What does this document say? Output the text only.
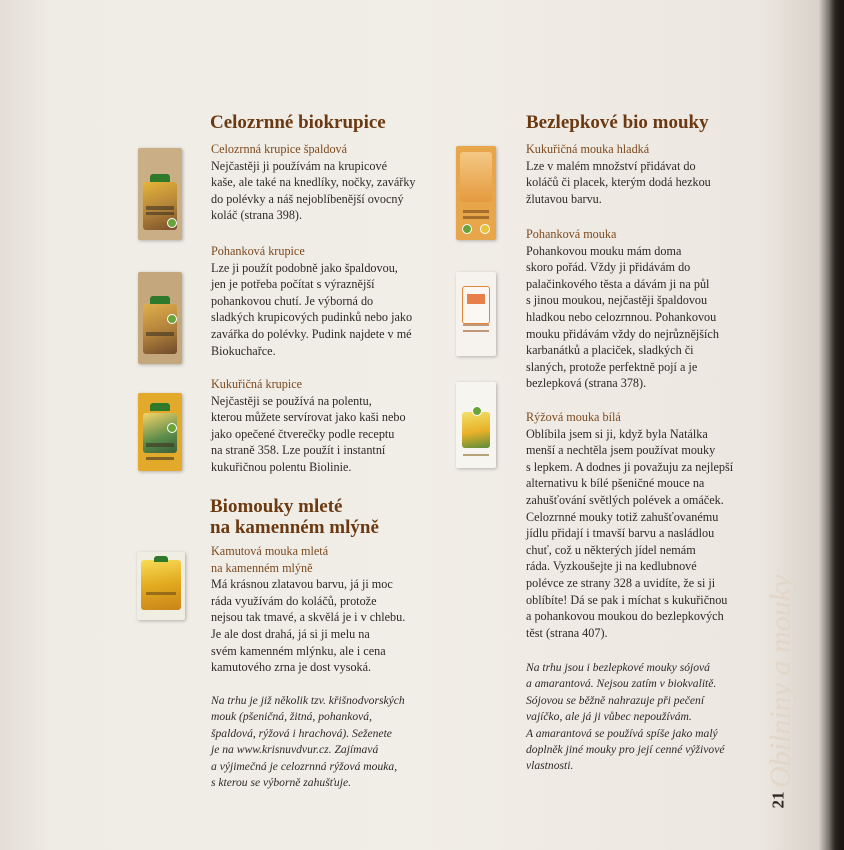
Celozrnné biokrupice

Celozrnná krupice špaldová

Nejčastěji ji používám na krupicové

kaše, ale také na knedlíky, nočky, zavářky

do polévky a náš nejoblíbenější ovocný

koláč (strana 398).

Pohanková krupice

Lze ji použít podobně jako špaldovou,

jen je potřeba počítat s výraznější

pohankovou chutí. Je výborná do

sladkých krupicových pudinků nebo jako

zavářka do polévky. Pudink najdete v mé

Biokuchařce.

Kukuřičná krupice

Nejčastěji se používá na polentu,

kterou můžete servírovat jako kaši nebo

jako opečené čtverečky podle receptu

na straně 358. Lze použít i instantní

kukuřičnou polentu Biolinie.

Biomouky mleté
na kamenném mlýně

Kamutová mouka mletá

na kamenném mlýně

Má krásnou zlatavou barvu, já ji moc

ráda využívám do koláčů, protože

nejsou tak tmavé, a skvělá je i v chlebu.

Je ale dost drahá, já si ji melu na

svém kamenném mlýnku, ale i cena

kamutového zrna je dost vysoká.

Na trhu je již několik tzv. křišnodvorských
mouk (pšeničná, žitná, pohanková,
špaldová, rýžová i hrachová). Seženete
je na www.krisnuvdvur.cz. Zajímavá
a výjimečná je celozrnná rýžová mouka,
s kterou se výborně zahušťuje.
Bezlepkové bio mouky

Kukuřičná mouka hladká

Lze v malém množství přidávat do

koláčů či placek, kterým dodá hezkou

žlutavou barvu.

Pohanková mouka

Pohankovou mouku mám doma

skoro pořád. Vždy ji přidávám do

palačinkového těsta a dávám ji na půl

s jinou moukou, nejčastěji špaldovou

hladkou nebo celozrnnou. Pohankovou

mouku přidávám vždy do nejrůznějších

karbanátků a placiček, sladkých či

slaných, protože perfektně pojí a je

bezlepková (strana 378).

Rýžová mouka bílá

Oblíbila jsem si ji, když byla Natálka

menší a nechtěla jsem používat mouky

s lepkem. A dodnes ji považuju za nejlepší

alternativu k bílé pšeničné mouce na

zahušťování světlých polévek a omáček.

Celozrnné mouky totiž zahušťovanému

jídlu přidají i tmavší barvu a nasládlou

chuť, což u některých jídel nemám

ráda. Vyzkoušejte ji na kedlubnové

polévce ze strany 328 a uvidíte, že si ji

oblíbíte! Dá se pak i míchat s kukuřičnou

a pohankovou moukou do bezlepkových

těst (strana 407).

Na trhu jsou i bezlepkové mouky sójová
a amarantová. Nejsou zatím v biokvalitě.
Sójovou se běžně nahrazuje při pečení
vajíčko, ale já ji vůbec nepoužívám.
A amarantová se používá spíše jako malý
doplněk jiné mouky pro její cenné výživové
vlastnosti.	Obilniny a mouky
21
